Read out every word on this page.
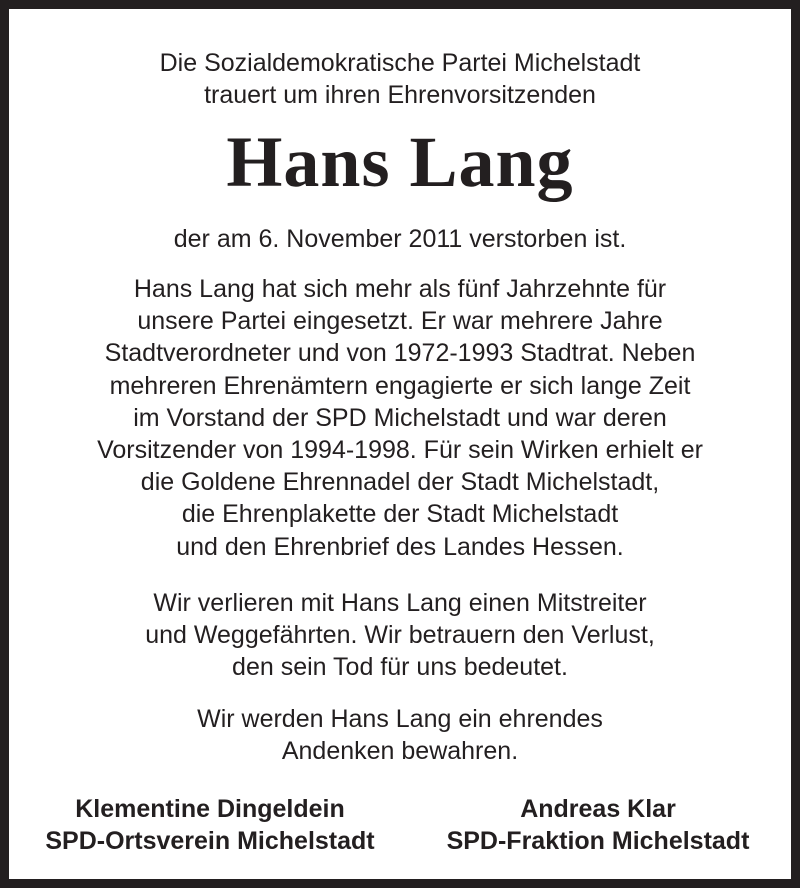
Die Sozialdemokratische Partei Michelstadt
trauert um ihren Ehrenvorsitzenden
Hans Lang
der am 6. November 2011 verstorben ist.
Hans Lang hat sich mehr als fünf Jahrzehnte für
unsere Partei eingesetzt. Er war mehrere Jahre
Stadtverordneter und von 1972-1993 Stadtrat. Neben
mehreren Ehrenämtern engagierte er sich lange Zeit
im Vorstand der SPD Michelstadt und war deren
Vorsitzender von 1994-1998. Für sein Wirken erhielt er
die Goldene Ehrennadel der Stadt Michelstadt,
die Ehrenplakette der Stadt Michelstadt
und den Ehrenbrief des Landes Hessen.
Wir verlieren mit Hans Lang einen Mitstreiter
und Weggefährten. Wir betrauern den Verlust,
den sein Tod für uns bedeutet.
Wir werden Hans Lang ein ehrendes
Andenken bewahren.
Klementine Dingeldein
SPD-Ortsverein Michelstadt
Andreas Klar
SPD-Fraktion Michelstadt
